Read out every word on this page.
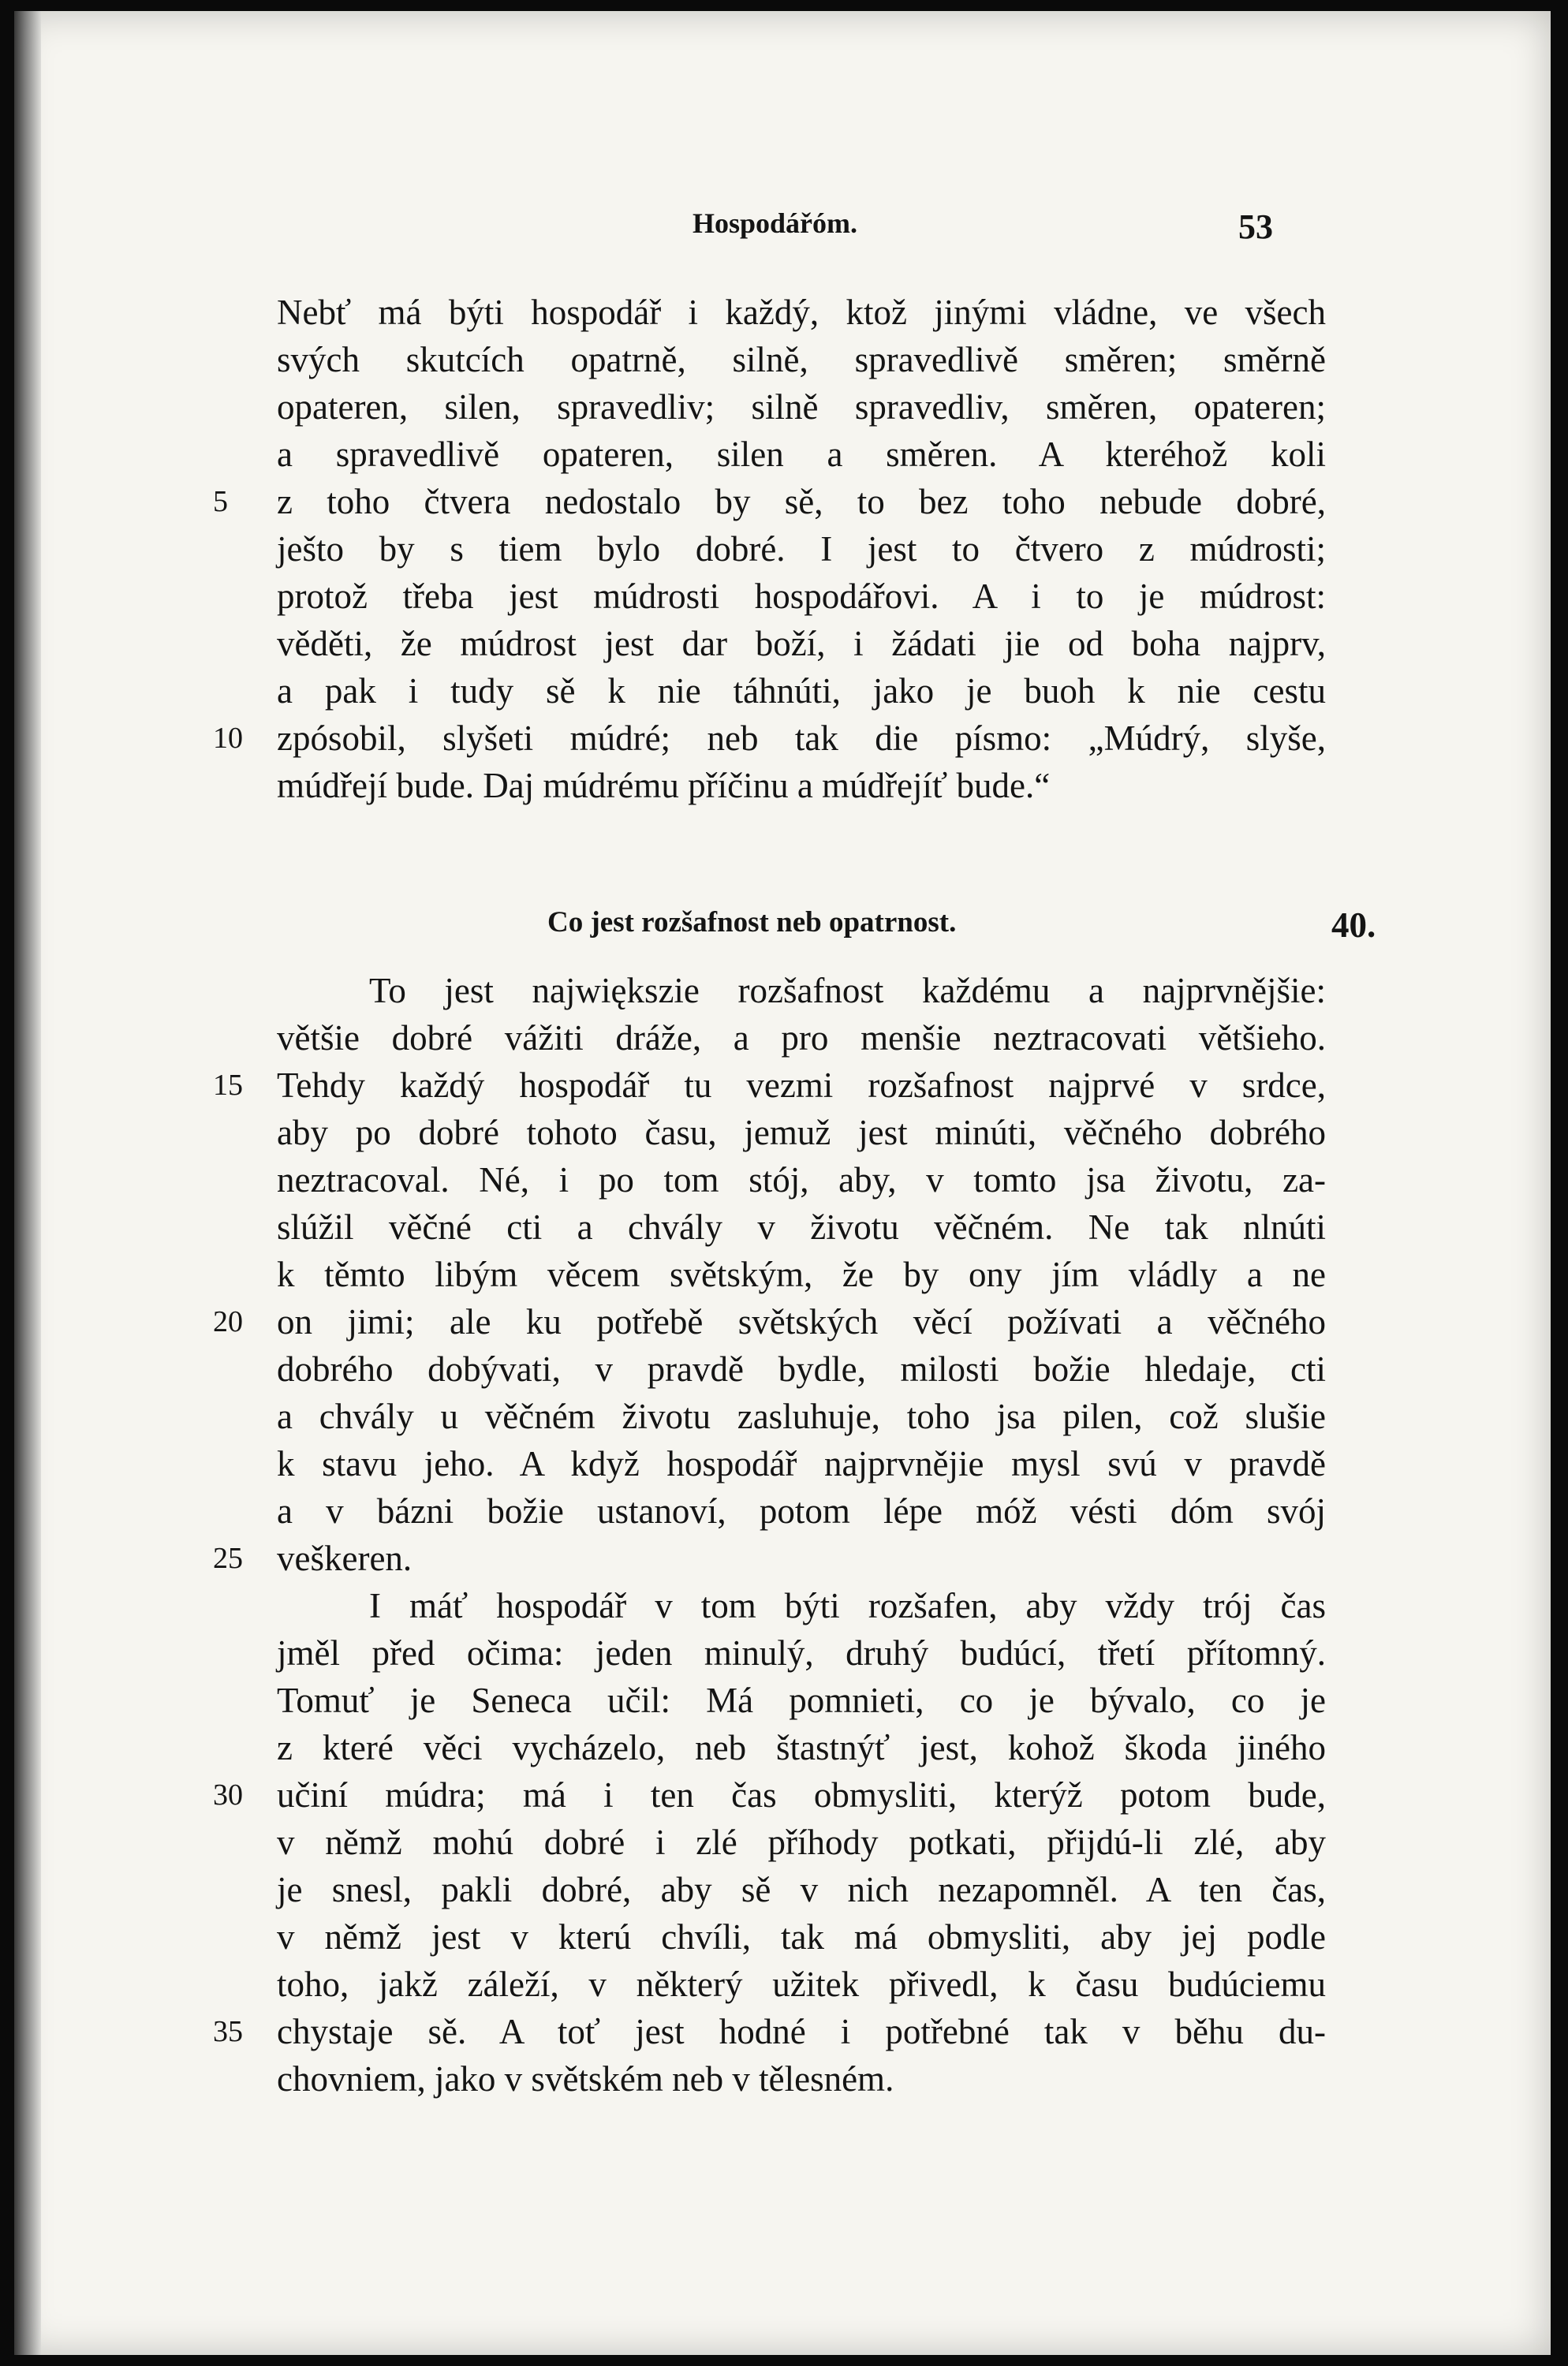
Hospodářóm.	53
Nebť má býti hospodář i každý, ktož jinými vládne, ve všech
svých skutcích opatrně, silně, spravedlivě směren; směrně
opateren, silen, spravedliv; silně spravedliv, směren, opateren;
a spravedlivě opateren, silen a směren. A kteréhož koli
z toho čtvera nedostalo by sě, to bez toho nebude dobré,
ješto by s tiem bylo dobré. I jest to čtvero z múdrosti;
protož třeba jest múdrosti hospodářovi. A i to je múdrost:
věděti, že múdrost jest dar boží, i žádati jie od boha najprv,
a pak i tudy sě k nie táhnúti, jako je buoh k nie cestu
zpósobil, slyšeti múdré; neb tak die písmo: „Múdrý, slyše,
múdřejí bude. Daj múdrému příčinu a múdřejíť bude.“
Co jest rozšafnost neb opatrnost.	40.
To jest największie rozšafnost každému a najprvnějšie:
většie dobré vážiti dráže, a pro menšie neztracovati většieho.
Tehdy každý hospodář tu vezmi rozšafnost najprvé v srdce,
aby po dobré tohoto času, jemuž jest minúti, věčného dobrého
neztracoval. Né, i po tom stój, aby, v tomto jsa životu, za-
slúžil věčné cti a chvály v životu věčném. Ne tak nlnúti
k těmto libým věcem světským, že by ony jím vládly a ne
on jimi; ale ku potřebě světských věcí požívati a věčného
dobrého dobývati, v pravdě bydle, milosti božie hledaje, cti
a chvály u věčném životu zasluhuje, toho jsa pilen, což slušie
k stavu jeho. A když hospodář najprvnějie mysl svú v pravdě
a v bázni božie ustanoví, potom lépe móž vésti dóm svój
veškeren.
I máť hospodář v tom býti rozšafen, aby vždy trój čas
jměl před očima: jeden minulý, druhý budúcí, třetí přítomný.
Tomuť je Seneca učil: Má pomnieti, co je bývalo, co je
z které věci vycházelo, neb štastnýť jest, kohož škoda jiného
učiní múdra; má i ten čas obmysliti, kterýž potom bude,
v němž mohú dobré i zlé příhody potkati, přijdú-li zlé, aby
je snesl, pakli dobré, aby sě v nich nezapomněl. A ten čas,
v němž jest v kterú chvíli, tak má obmysliti, aby jej podle
toho, jakž záleží, v některý užitek přivedl, k času budúciemu
chystaje sě. A toť jest hodné i potřebné tak v běhu du-
chovniem, jako v světském neb v tělesném.
5
10
15
20
25
30
35
